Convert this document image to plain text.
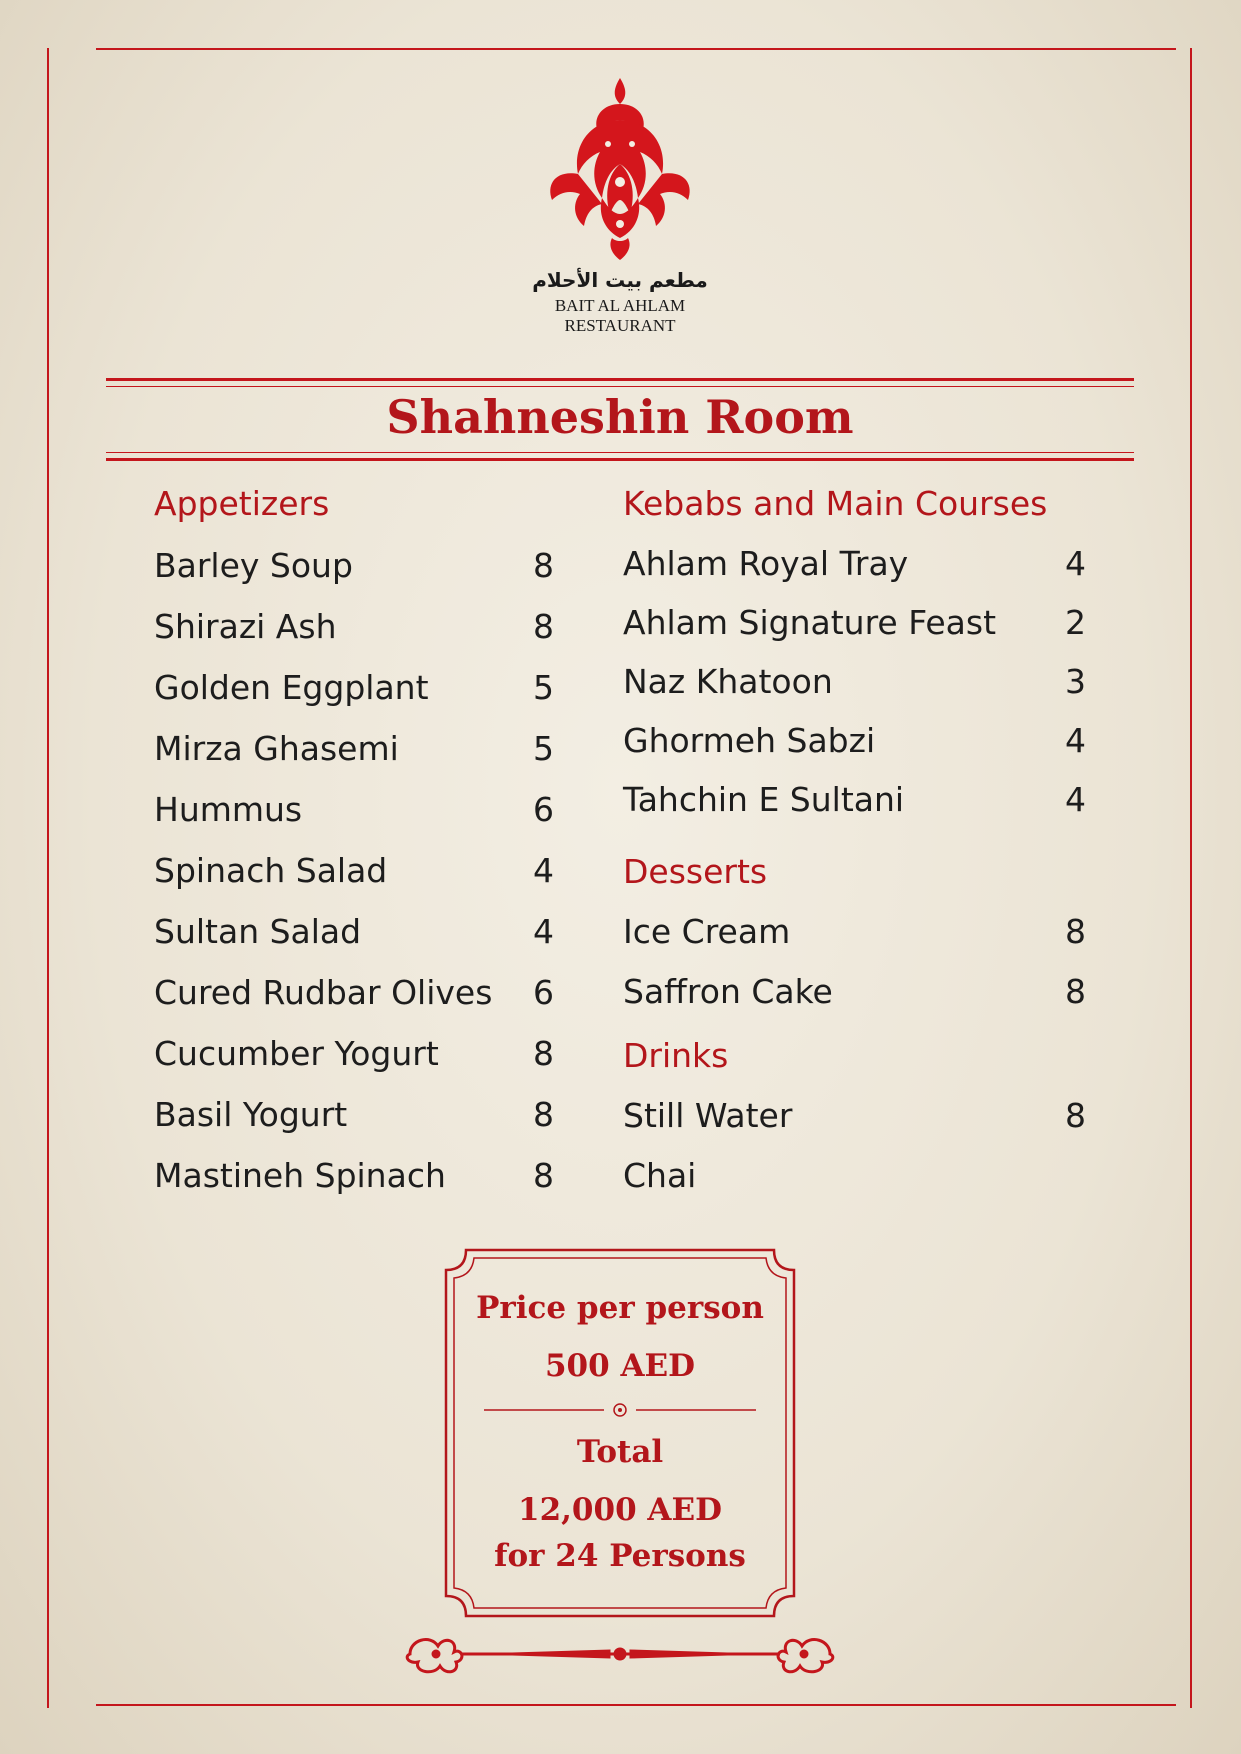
مطعم بيت الأحلام
BAIT AL AHLAM
RESTAURANT
Shahneshin Room
Appetizers
Barley Soup	8
Shirazi Ash	8
Golden Eggplant	5
Mirza Ghasemi	5
Hummus	6
Spinach Salad	4
Sultan Salad	4
Cured Rudbar Olives	6
Cucumber Yogurt	8
Basil Yogurt	8
Mastineh Spinach	8
Kebabs and Main Courses
Ahlam Royal Tray	4
Ahlam Signature Feast	2
Naz Khatoon	3
Ghormeh Sabzi	4
Tahchin E Sultani	4
Desserts
Ice Cream	8
Saffron Cake	8
Drinks
Still Water	8
Chai
Price per person
500 AED
Total
12,000 AED
for 24 Persons
